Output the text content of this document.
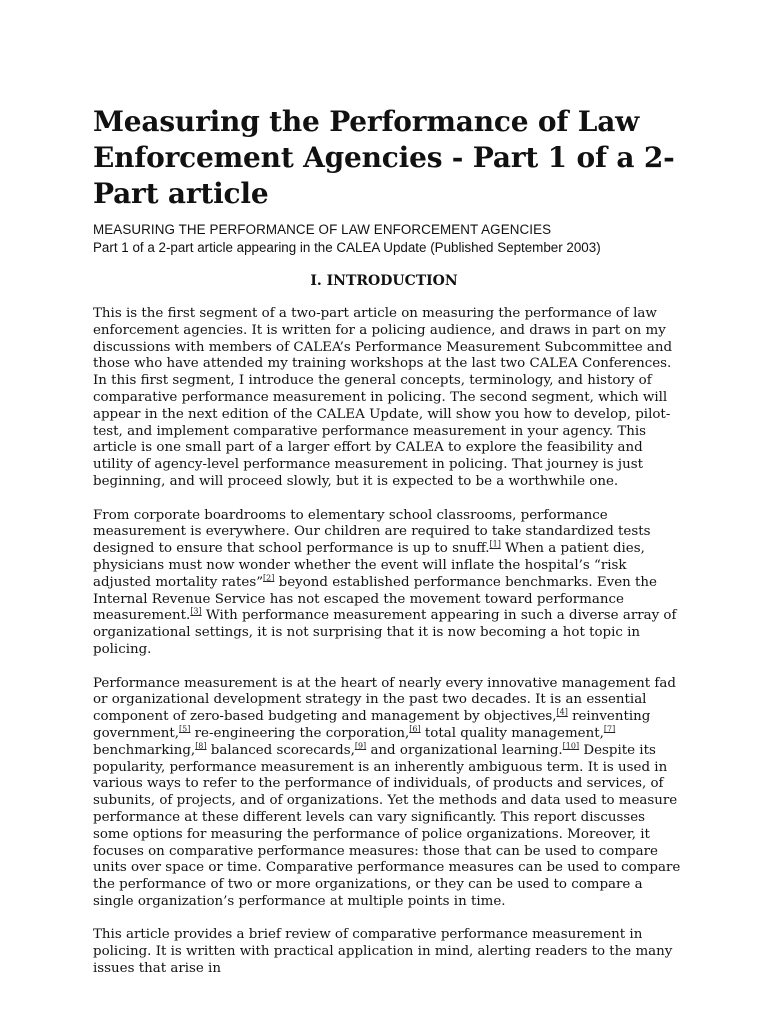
Measuring the Performance of Law Enforcement Agencies - Part 1 of a 2-Part article
MEASURING THE PERFORMANCE OF LAW ENFORCEMENT AGENCIES
Part 1 of a 2-part article appearing in the CALEA Update (Published September 2003)
I. INTRODUCTION

This is the first segment of a two-part article on measuring the performance of law enforcement agencies. It is written for a policing audience, and draws in part on my discussions with members of CALEA’s Performance Measurement Subcommittee and those who have attended my training workshops at the last two CALEA Conferences. In this first segment, I introduce the general concepts, terminology, and history of comparative performance measurement in policing. The second segment, which will appear in the next edition of the CALEA Update, will show you how to develop, pilot-test, and implement comparative performance measurement in your agency. This article is one small part of a larger effort by CALEA to explore the feasibility and utility of agency-level performance measurement in policing. That journey is just beginning, and will proceed slowly, but it is expected to be a worthwhile one.

From corporate boardrooms to elementary school classrooms, performance measurement is everywhere. Our children are required to take standardized tests designed to ensure that school performance is up to snuff.[1] When a patient dies, physicians must now wonder whether the event will inflate the hospital’s “risk adjusted mortality rates”[2] beyond established performance benchmarks. Even the Internal Revenue Service has not escaped the movement toward performance measurement.[3] With performance measurement appearing in such a diverse array of organizational settings, it is not surprising that it is now becoming a hot topic in policing.

Performance measurement is at the heart of nearly every innovative management fad or organizational development strategy in the past two decades. It is an essential component of zero-based budgeting and management by objectives,[4] reinventing government,[5] re-engineering the corporation,[6] total quality management,[7] benchmarking,[8] balanced scorecards,[9] and organizational learning.[10] Despite its popularity, performance measurement is an inherently ambiguous term. It is used in various ways to refer to the performance of individuals, of products and services, of subunits, of projects, and of organizations. Yet the methods and data used to measure performance at these different levels can vary significantly. This report discusses some options for measuring the performance of police organizations. Moreover, it focuses on comparative performance measures: those that can be used to compare units over space or time. Comparative performance measures can be used to compare the performance of two or more organizations, or they can be used to compare a single organization’s performance at multiple points in time.

This article provides a brief review of comparative performance measurement in policing. It is written with practical application in mind, alerting readers to the many issues that arise in
